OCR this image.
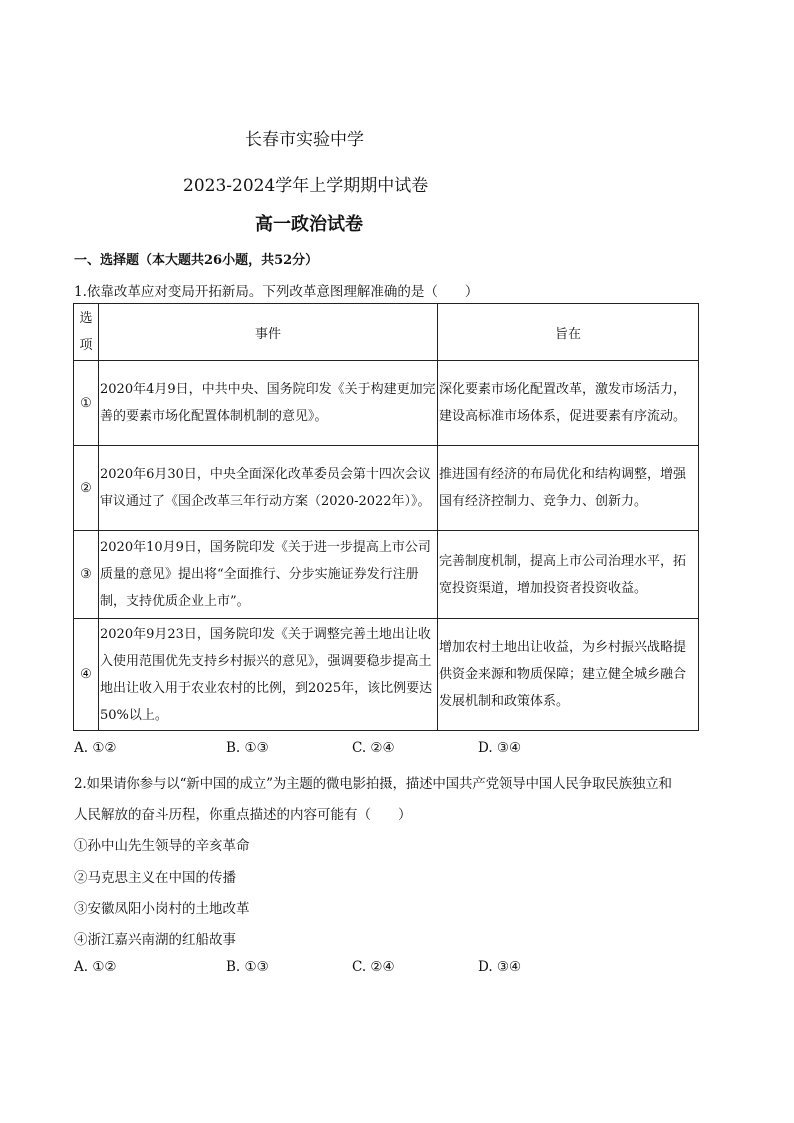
长春市实验中学
2023-2024学年上学期期中试卷
高一政治试卷
一、选择题（本大题共26小题，共52分）
1.依靠改革应对变局开拓新局。下列改革意图理解准确的是（　　）
选项	事件	旨在
①	2020年4月9日，中共中央、国务院印发《关于构建更加完善的要素市场化配置体制机制的意见》。	深化要素市场化配置改革，激发市场活力，建设高标准市场体系，促进要素有序流动。
②	2020年6月30日，中央全面深化改革委员会第十四次会议审议通过了《国企改革三年行动方案（2020-2022年）》。	推进国有经济的布局优化和结构调整，增强国有经济控制力、竞争力、创新力。
③	2020年10月9日，国务院印发《关于进一步提高上市公司质量的意见》提出将“全面推行、分步实施证券发行注册制，支持优质企业上市”。	完善制度机制，提高上市公司治理水平，拓宽投资渠道，增加投资者投资收益。
④	2020年9月23日，国务院印发《关于调整完善土地出让收入使用范围优先支持乡村振兴的意见》，强调要稳步提高土地出让收入用于农业农村的比例，到2025年，该比例要达50%以上。	增加农村土地出让收益，为乡村振兴战略提供资金来源和物质保障；建立健全城乡融合发展机制和政策体系。
A. ①②	B. ①③	C. ②④	D. ③④
2.如果请你参与以“新中国的成立”为主题的微电影拍摄，描述中国共产党领导中国人民争取民族独立和
人民解放的奋斗历程，你重点描述的内容可能有（　　）
①孙中山先生领导的辛亥革命
②马克思主义在中国的传播
③安徽凤阳小岗村的土地改革
④浙江嘉兴南湖的红船故事
A. ①②	B. ①③	C. ②④	D. ③④
